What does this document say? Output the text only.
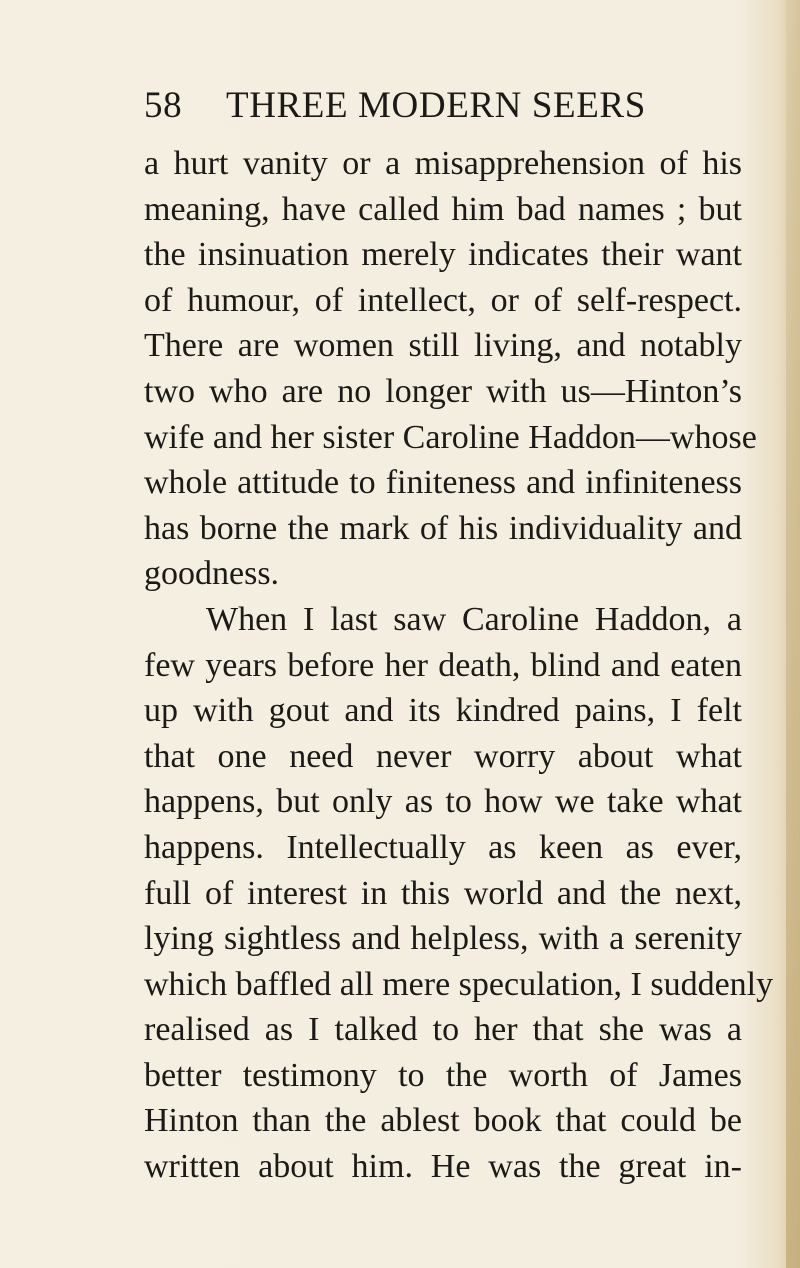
58 THREE MODERN SEERS
a hurt vanity or a misapprehension of his
meaning, have called him bad names ; but
the insinuation merely indicates their want
of humour, of intellect, or of self-respect.
There are women still living, and notably
two who are no longer with us—Hinton’s
wife and her sister Caroline Haddon—whose
whole attitude to finiteness and infiniteness
has borne the mark of his individuality and
goodness.
When I last saw Caroline Haddon, a
few years before her death, blind and eaten
up with gout and its kindred pains, I felt
that one need never worry about what
happens, but only as to how we take what
happens. Intellectually as keen as ever,
full of interest in this world and the next,
lying sightless and helpless, with a serenity
which baffled all mere speculation, I suddenly
realised as I talked to her that she was a
better testimony to the worth of James
Hinton than the ablest book that could be
written about him. He was the great in-
